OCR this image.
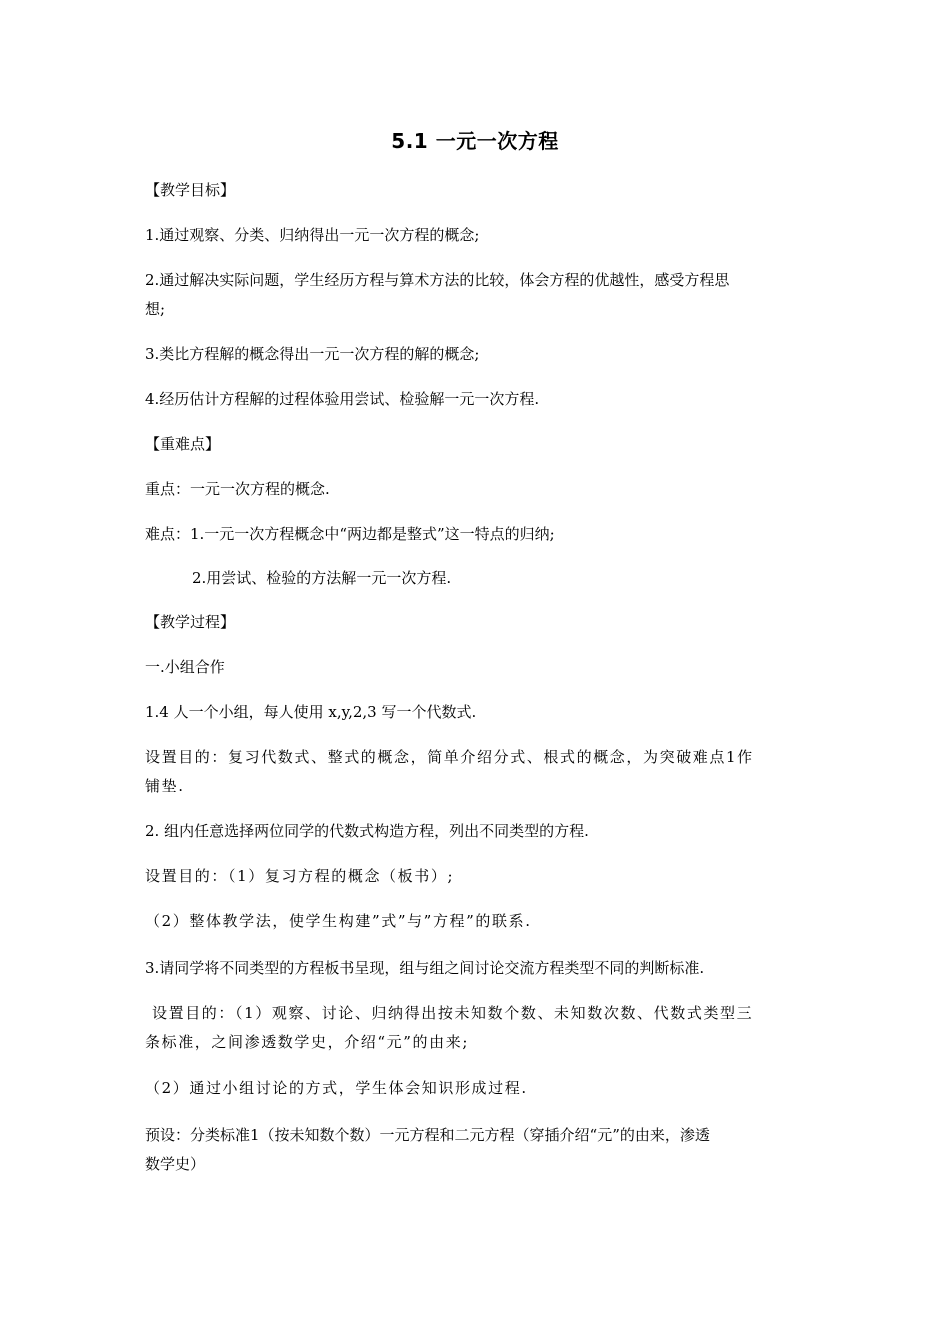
5.1 一元一次方程
【教学目标】
1.通过观察、分类、归纳得出一元一次方程的概念;
2.通过解决实际问题，学生经历方程与算术方法的比较，体会方程的优越性，感受方程思
想;
3.类比方程解的概念得出一元一次方程的解的概念;
4.经历估计方程解的过程体验用尝试、检验解一元一次方程.
【重难点】
重点：一元一次方程的概念.
难点：1.一元一次方程概念中“两边都是整式”这一特点的归纳;
2.用尝试、检验的方法解一元一次方程.
【教学过程】
一.小组合作
1.4 人一个小组，每人使用 x,y,2,3 写一个代数式.
设置目的：复习代数式、整式的概念，简单介绍分式、根式的概念，为突破难点1作
铺垫.
2. 组内任意选择两位同学的代数式构造方程，列出不同类型的方程.
设置目的：（1）复习方程的概念（板书）;
（2）整体教学法，使学生构建”式”与”方程”的联系.
3.请同学将不同类型的方程板书呈现，组与组之间讨论交流方程类型不同的判断标准.
设置目的：（1）观察、讨论、归纳得出按未知数个数、未知数次数、代数式类型三
条标准，之间渗透数学史，介绍“元”的由来;
（2）通过小组讨论的方式，学生体会知识形成过程.
预设：分类标准1（按未知数个数）一元方程和二元方程（穿插介绍“元”的由来，渗透
数学史）
